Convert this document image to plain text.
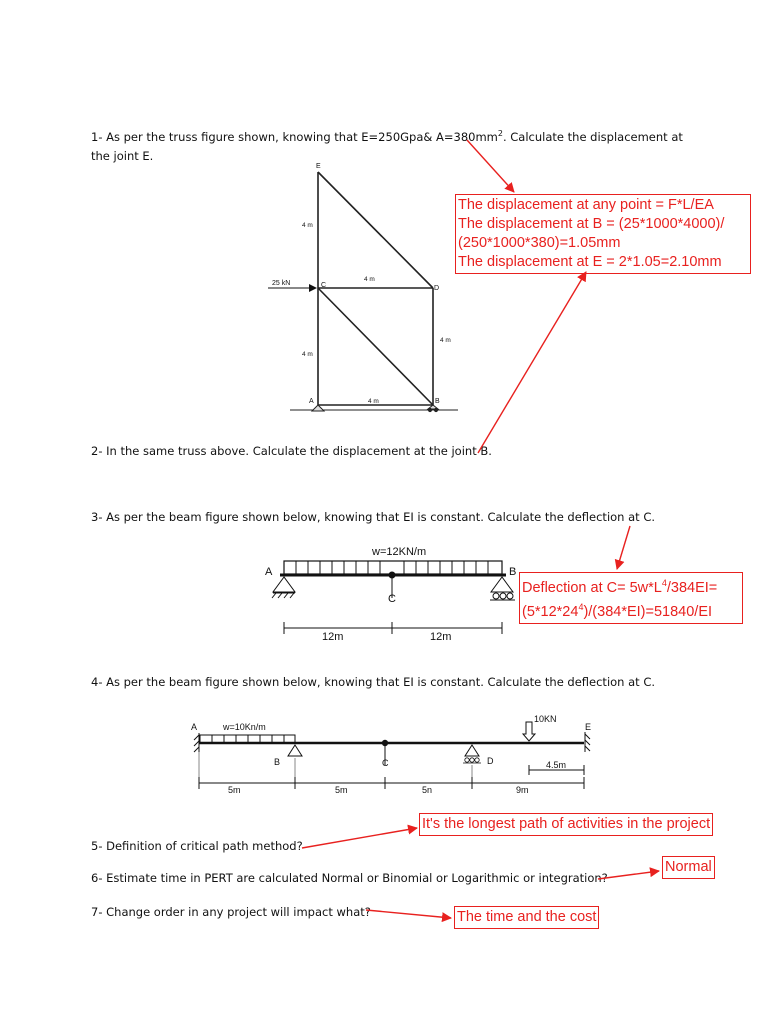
1- As per the truss figure shown, knowing that E=250Gpa& $A=380mm^2$. Calculate the displacement at
the joint E.
2- In the same truss above. Calculate the displacement at the joint B.
3- As per the beam figure shown below, knowing that EI is constant. Calculate the deflection at C.
4- As per the beam figure shown below, knowing that EI is constant. Calculate the deflection at C.
5- Definition of critical path method?
6- Estimate time in PERT are calculated Normal or Binomial or Logarithmic or integration?
7- Change order in any project will impact what?
The displacement at any point = F*L/EA
The displacement at B = (25*1000*4000)/
(250*1000*380)=1.05mm
The displacement at E = 2*1.05=2.10mm
Deflection at $C= 5w*L^4/384EI=$
$(5*12*24^4)/(384*EI)=51840/EI$
It's the longest path of activities in the project
Normal
The time and the cost
E
C	D
A	B
4 m
4 m
4 m
4 m
4 m
25 kN
w=12KN/m
A	B
C
12m	12m
w=10Kn/m
10KN
A
B	C	D
E
5m	5m	5n	9m
4.5m
